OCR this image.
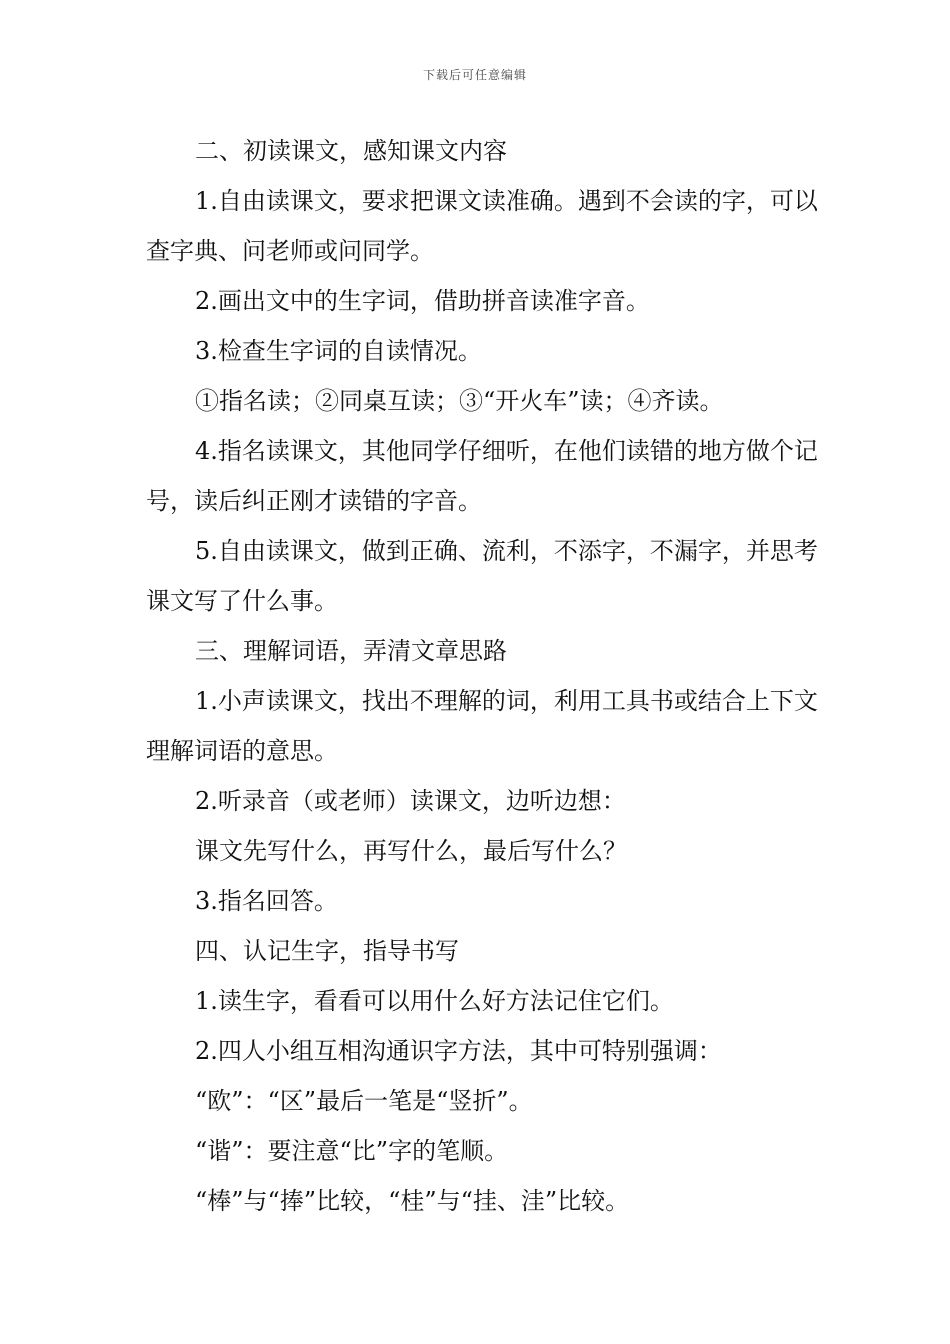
下载后可任意编辑

二、初读课文，感知课文内容

1.自由读课文，要求把课文读准确。遇到不会读的字，可以查字典、问老师或问同学。

2.画出文中的生字词，借助拼音读准字音。

3.检查生字词的自读情况。

①指名读；②同桌互读；③“开火车”读；④齐读。

4.指名读课文，其他同学仔细听，在他们读错的地方做个记号，读后纠正刚才读错的字音。

5.自由读课文，做到正确、流利，不添字，不漏字，并思考课文写了什么事。

三、理解词语，弄清文章思路

1.小声读课文，找出不理解的词，利用工具书或结合上下文理解词语的意思。

2.听录音（或老师）读课文，边听边想：

课文先写什么，再写什么，最后写什么？

3.指名回答。

四、认记生字，指导书写

1.读生字，看看可以用什么好方法记住它们。

2.四人小组互相沟通识字方法，其中可特别强调：

“欧”：“区”最后一笔是“竖折”。

“谐”：要注意“比”字的笔顺。

“棒”与“捧”比较，“桂”与“挂、洼”比较。
